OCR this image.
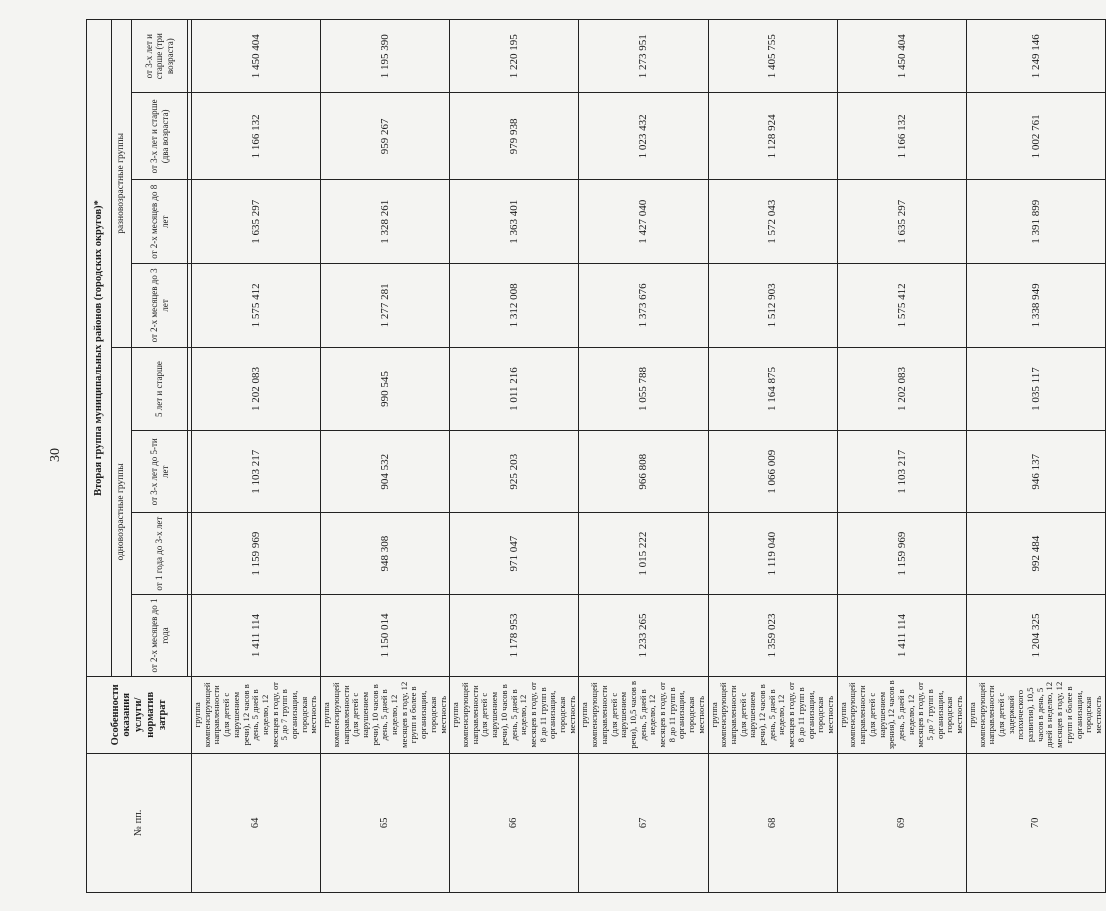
30
№ пп.	Особенности оказания услуги/норматив затрат	Вторая группа муниципальных районов (городских округов)*							
		одновозрастные группы				разновозрастные группы			
		от 2-х месяцев до 1 года	от 1 года до 3-х лет	от 3-х лет до 5-ти лет	5 лет и старше	от 2-х месяцев до 3 лет	от 2-х месяцев до 8 лет	от 3-х лет и старше (два возраста)	от 3-х лет и старше (три возраста)

64	группа компенсирующей направленности (для детей с нарушением речи), 12 часов в день, 5 дней в неделю, 12 месяцев в году, от 5 до 7 групп в организации, городская местность	1 411 114	1 159 969	1 103 217	1 202 083	1 575 412	1 635 297	1 166 132	1 450 404
65	группа компенсирующей направленности (для детей с нарушением речи), 10 часов в день, 5 дней в неделю, 12 месяцев в году, 12 групп и более в организации, городская местность	1 150 014	948 308	904 532	990 545	1 277 281	1 328 261	959 267	1 195 390
66	группа компенсирующей направленности (для детей с нарушением речи), 10 часов в день, 5 дней в неделю, 12 месяцев в году, от 8 до 11 групп в организации, городская местность	1 178 953	971 047	925 203	1 011 216	1 312 008	1 363 401	979 938	1 220 195
67	группа компенсирующей направленности (для детей с нарушением речи), 10,5 часов в день, 5 дней в неделю, 12 месяцев в году, от 8 до 11 групп в организации, городская местность	1 233 265	1 015 222	966 808	1 055 788	1 373 676	1 427 040	1 023 432	1 273 951
68	группа компенсирующей направленности (для детей с нарушением речи), 12 часов в день, 5 дней в неделю, 12 месяцев в году, от 8 до 11 групп в организации, городская местность	1 359 023	1 119 040	1 066 009	1 164 875	1 512 903	1 572 043	1 128 924	1 405 755
69	группа компенсирующей направленности (для детей с нарушением зрения), 12 часов в день, 5 дней в неделю, 12 месяцев в году, от 5 до 7 групп в организации, городская местность	1 411 114	1 159 969	1 103 217	1 202 083	1 575 412	1 635 297	1 166 132	1 450 404
70	группа компенсирующей направленности (для детей с задержкой психического развития), 10,5 часов в день, 5 дней в неделю, 12 месяцев в году, 12 групп и более в организации, городская местность	1 204 325	992 484	946 137	1 035 117	1 338 949	1 391 899	1 002 761	1 249 146
